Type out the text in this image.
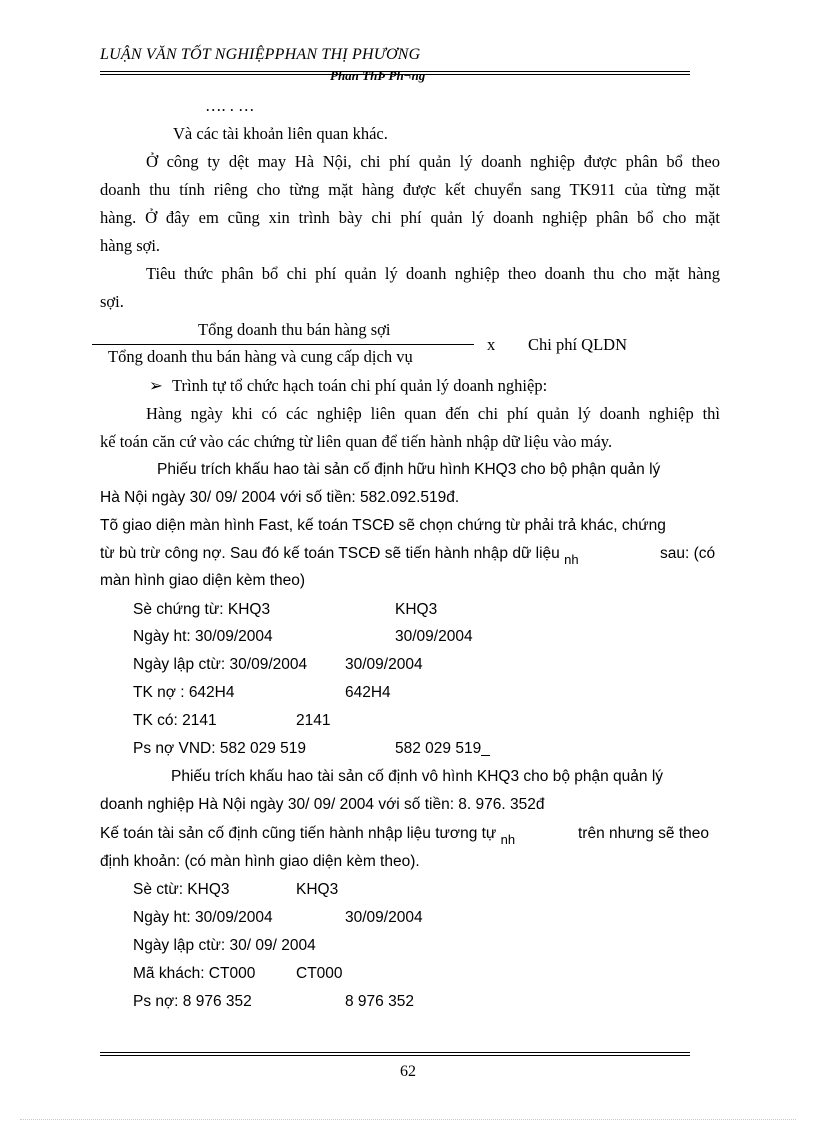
LUẬN VĂN TỐT NGHIỆPPHAN THỊ PHƯƠNG
Phan ThÞ Ph¬ng
…. . …
Và các tài khoản liên quan khác.
Ở công ty dệt may Hà Nội, chi phí quản lý doanh nghiệp được phân bổ theo
doanh thu tính riêng cho từng mặt hàng được kết chuyển sang TK911 của từng mặt
hàng. Ở đây em cũng xin trình bày chi phí quản lý doanh nghiệp phân bổ cho mặt
hàng sợi.
Tiêu thức phân bổ chi phí quản lý doanh nghiệp theo doanh thu cho mặt hàng
sợi.
Tổng doanh thu bán hàng sợi
Tổng doanh thu bán hàng và cung cấp dịch vụ
x Chi phí QLDN
➢ Trình tự tổ chức hạch toán chi phí quản lý doanh nghiệp:
Hàng ngày khi có các nghiệp liên quan đến chi phí quản lý doanh nghiệp thì
kế toán căn cứ vào các chứng từ liên quan để tiến hành nhập dữ liệu vào máy.
Phiếu trích khấu hao tài sản cố định hữu hình KHQ3 cho bộ phận quản lý
Hà Nội ngày 30/ 09/ 2004 với số tiền: 582.092.519đ.
Tõ giao diện màn hình Fast, kế toán TSCĐ sẽ chọn chứng từ phải trả khác, chứng
từ bù trừ công nợ. Sau đó kế toán TSCĐ sẽ tiến hành nhập dữ liệu $_{nh}$	sau: (có
màn hình giao diện kèm theo)
Sè chứng từ: KHQ3	KHQ3
Ngày ht: 30/09/2004	30/09/2004
Ngày lập ctừ: 30/09/2004 30/09/2004
TK nợ : 642H4	642H4
TK có: 2141	2141
Ps nợ VND: 582 029 519	582 029 519_
Phiếu trích khấu hao tài sản cố định vô hình KHQ3 cho bộ phận quản lý
doanh nghiệp Hà Nội ngày 30/ 09/ 2004 với số tiền: 8. 976. 352đ
Kế toán tài sản cố định cũng tiến hành nhập liệu tương tự $_{nh}$	trên nhưng sẽ theo
định khoản: (có màn hình giao diện kèm theo).
Sè ctừ: KHQ3	KHQ3
Ngày ht: 30/09/2004	30/09/2004
Ngày lập ctừ: 30/ 09/ 2004
Mã khách: CT000	CT000
Ps nợ: 8 976 352	8 976 352
62
